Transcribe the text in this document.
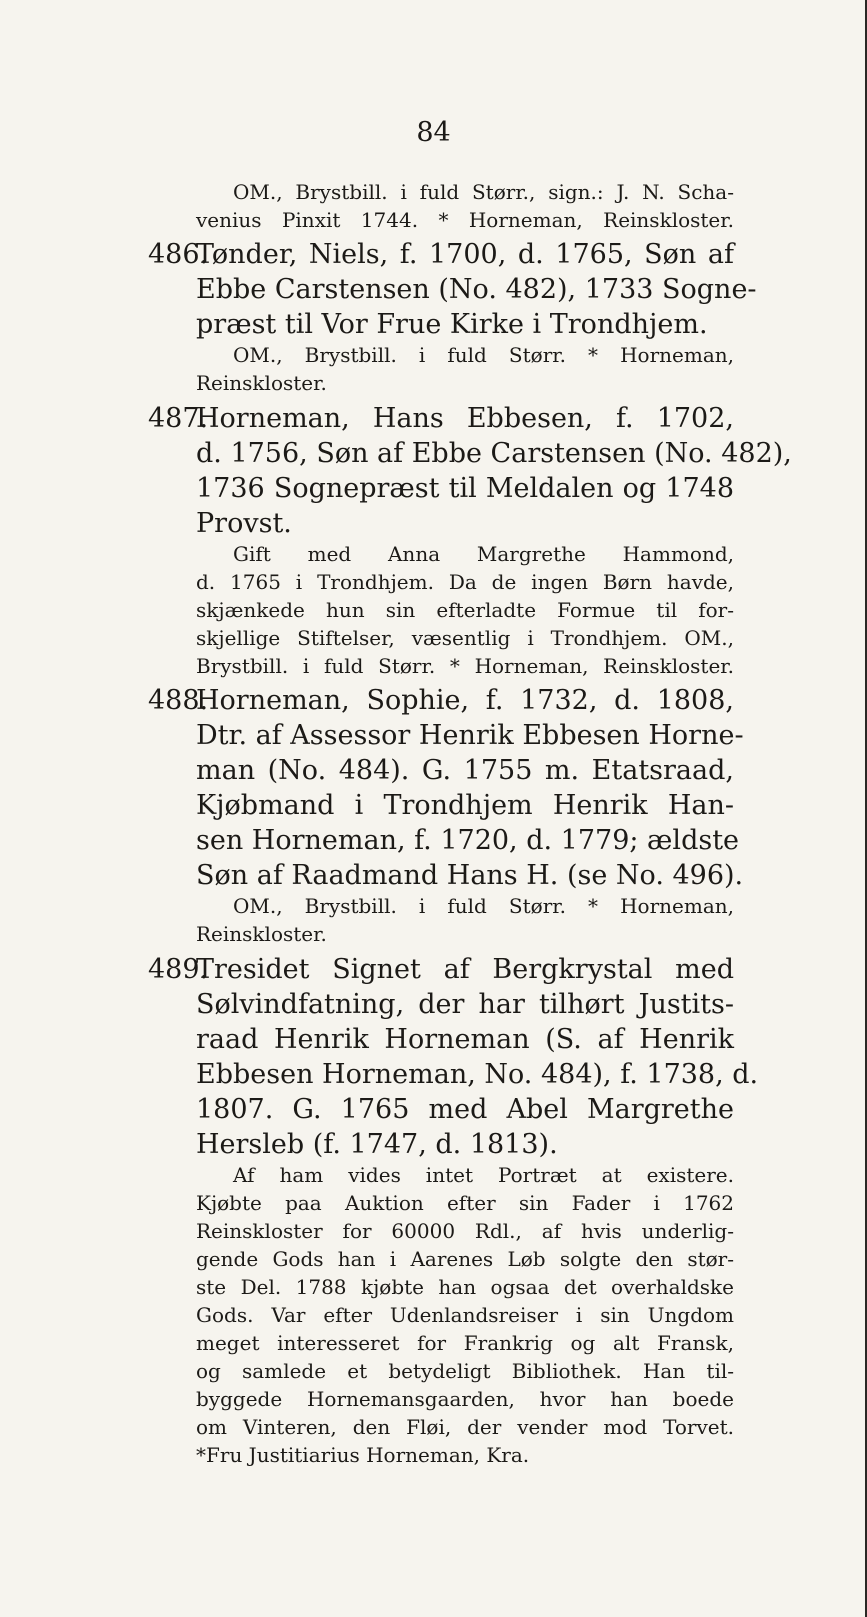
84
OM., Brystbill. i fuld Størr., sign.: J. N. Scha-
venius Pinxit 1744. * Horneman, Reinskloster.
486.
Tønder, Niels, f. 1700, d. 1765, Søn af
Ebbe Carstensen (No. 482), 1733 Sogne-
præst til Vor Frue Kirke i Trondhjem.
OM., Brystbill. i fuld Størr. * Horneman,
Reinskloster.
487.
Horneman, Hans Ebbesen, f. 1702,
d. 1756, Søn af Ebbe Carstensen (No. 482),
1736 Sognepræst til Meldalen og 1748
Provst.
Gift med Anna Margrethe Hammond,
d. 1765 i Trondhjem. Da de ingen Børn havde,
skjænkede hun sin efterladte Formue til for-
skjellige Stiftelser, væsentlig i Trondhjem. OM.,
Brystbill. i fuld Størr. * Horneman, Reinskloster.
488.
Horneman, Sophie, f. 1732, d. 1808,
Dtr. af Assessor Henrik Ebbesen Horne-
man (No. 484). G. 1755 m. Etatsraad,
Kjøbmand i Trondhjem Henrik Han-
sen Horneman, f. 1720, d. 1779; ældste
Søn af Raadmand Hans H. (se No. 496).
OM., Brystbill. i fuld Størr. * Horneman,
Reinskloster.
489.
Tresidet Signet af Bergkrystal med
Sølvindfatning, der har tilhørt Justits-
raad Henrik Horneman (S. af Henrik
Ebbesen Horneman, No. 484), f. 1738, d.
1807. G. 1765 med Abel Margrethe
Hersleb (f. 1747, d. 1813).
Af ham vides intet Portræt at existere.
Kjøbte paa Auktion efter sin Fader i 1762
Reinskloster for 60000 Rdl., af hvis underlig-
gende Gods han i Aarenes Løb solgte den stør-
ste Del. 1788 kjøbte han ogsaa det overhaldske
Gods. Var efter Udenlandsreiser i sin Ungdom
meget interesseret for Frankrig og alt Fransk,
og samlede et betydeligt Bibliothek. Han til-
byggede Hornemansgaarden, hvor han boede
om Vinteren, den Fløi, der vender mod Torvet.
*Fru Justitiarius Horneman, Kra.
